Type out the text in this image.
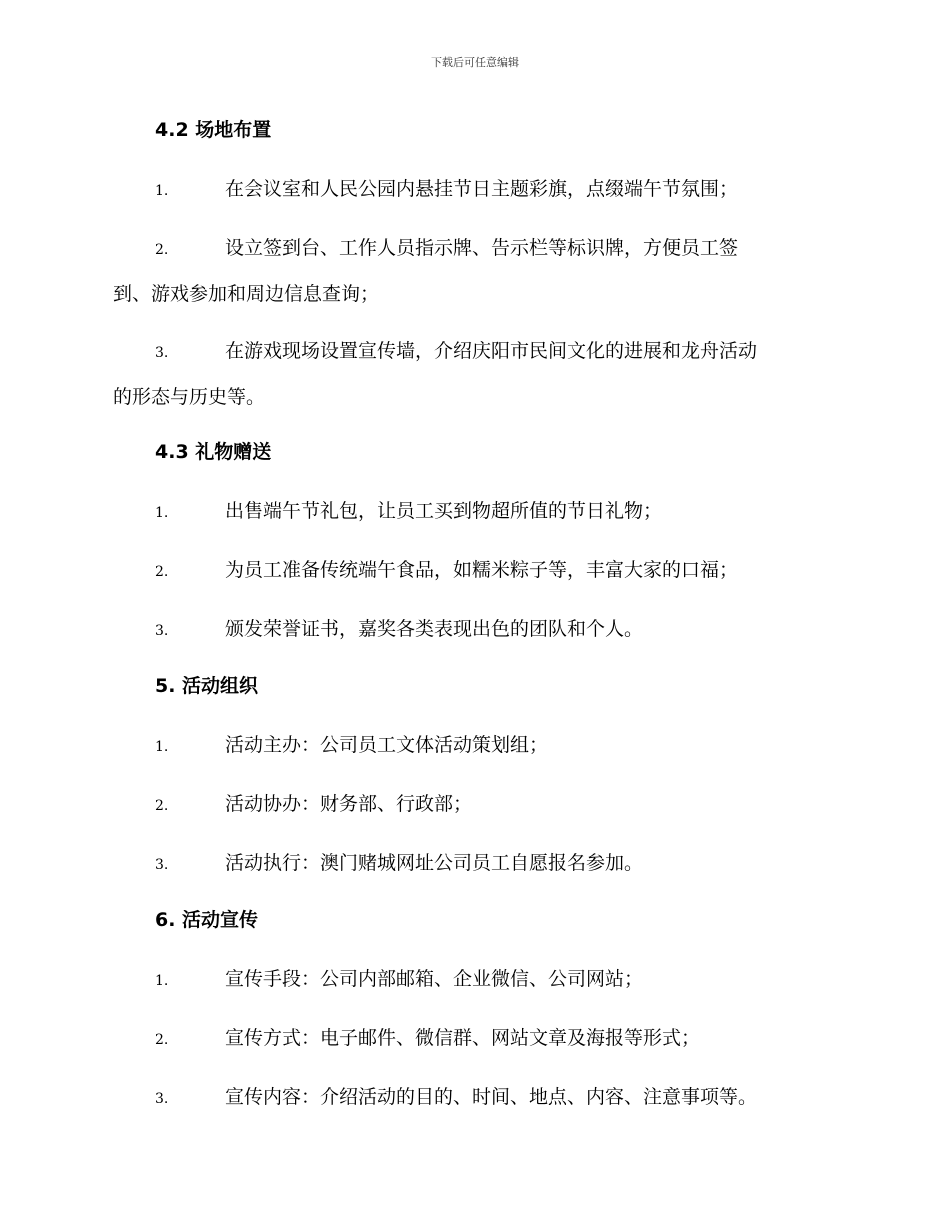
下载后可任意编辑
4.2 场地布置
1.	在会议室和人民公园内悬挂节日主题彩旗，点缀端午节氛围；
2.	设立签到台、工作人员指示牌、告示栏等标识牌，方便员工签
到、游戏参加和周边信息查询；
3.	在游戏现场设置宣传墙，介绍庆阳市民间文化的进展和龙舟活动
的形态与历史等。
4.3 礼物赠送
1.	出售端午节礼包，让员工买到物超所值的节日礼物；
2.	为员工准备传统端午食品，如糯米粽子等，丰富大家的口福；
3.	颁发荣誉证书，嘉奖各类表现出色的团队和个人。
5. 活动组织
1.	活动主办：公司员工文体活动策划组；
2.	活动协办：财务部、行政部；
3.	活动执行：澳门赌城网址公司员工自愿报名参加。
6. 活动宣传
1.	宣传手段：公司内部邮箱、企业微信、公司网站；
2.	宣传方式：电子邮件、微信群、网站文章及海报等形式；
3.	宣传内容：介绍活动的目的、时间、地点、内容、注意事项等。
